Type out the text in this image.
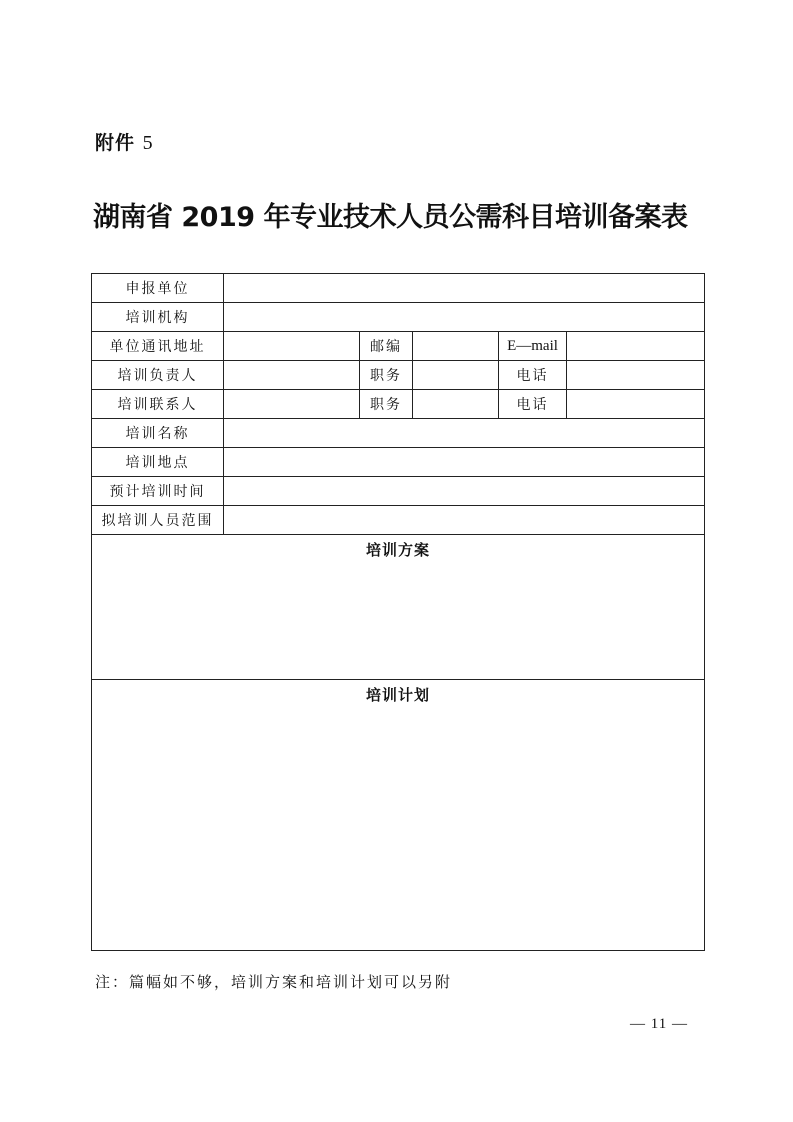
附件 5
湖南省 2019 年专业技术人员公需科目培训备案表
申报单位					
培训机构					
单位通讯地址		邮编		E—mail	
培训负责人		职务		电话	
培训联系人		职务		电话	
培训名称					
培训地点					
预计培训时间					
拟培训人员范围					
培训方案					
培训计划					
注：篇幅如不够，培训方案和培训计划可以另附
— 11 —
